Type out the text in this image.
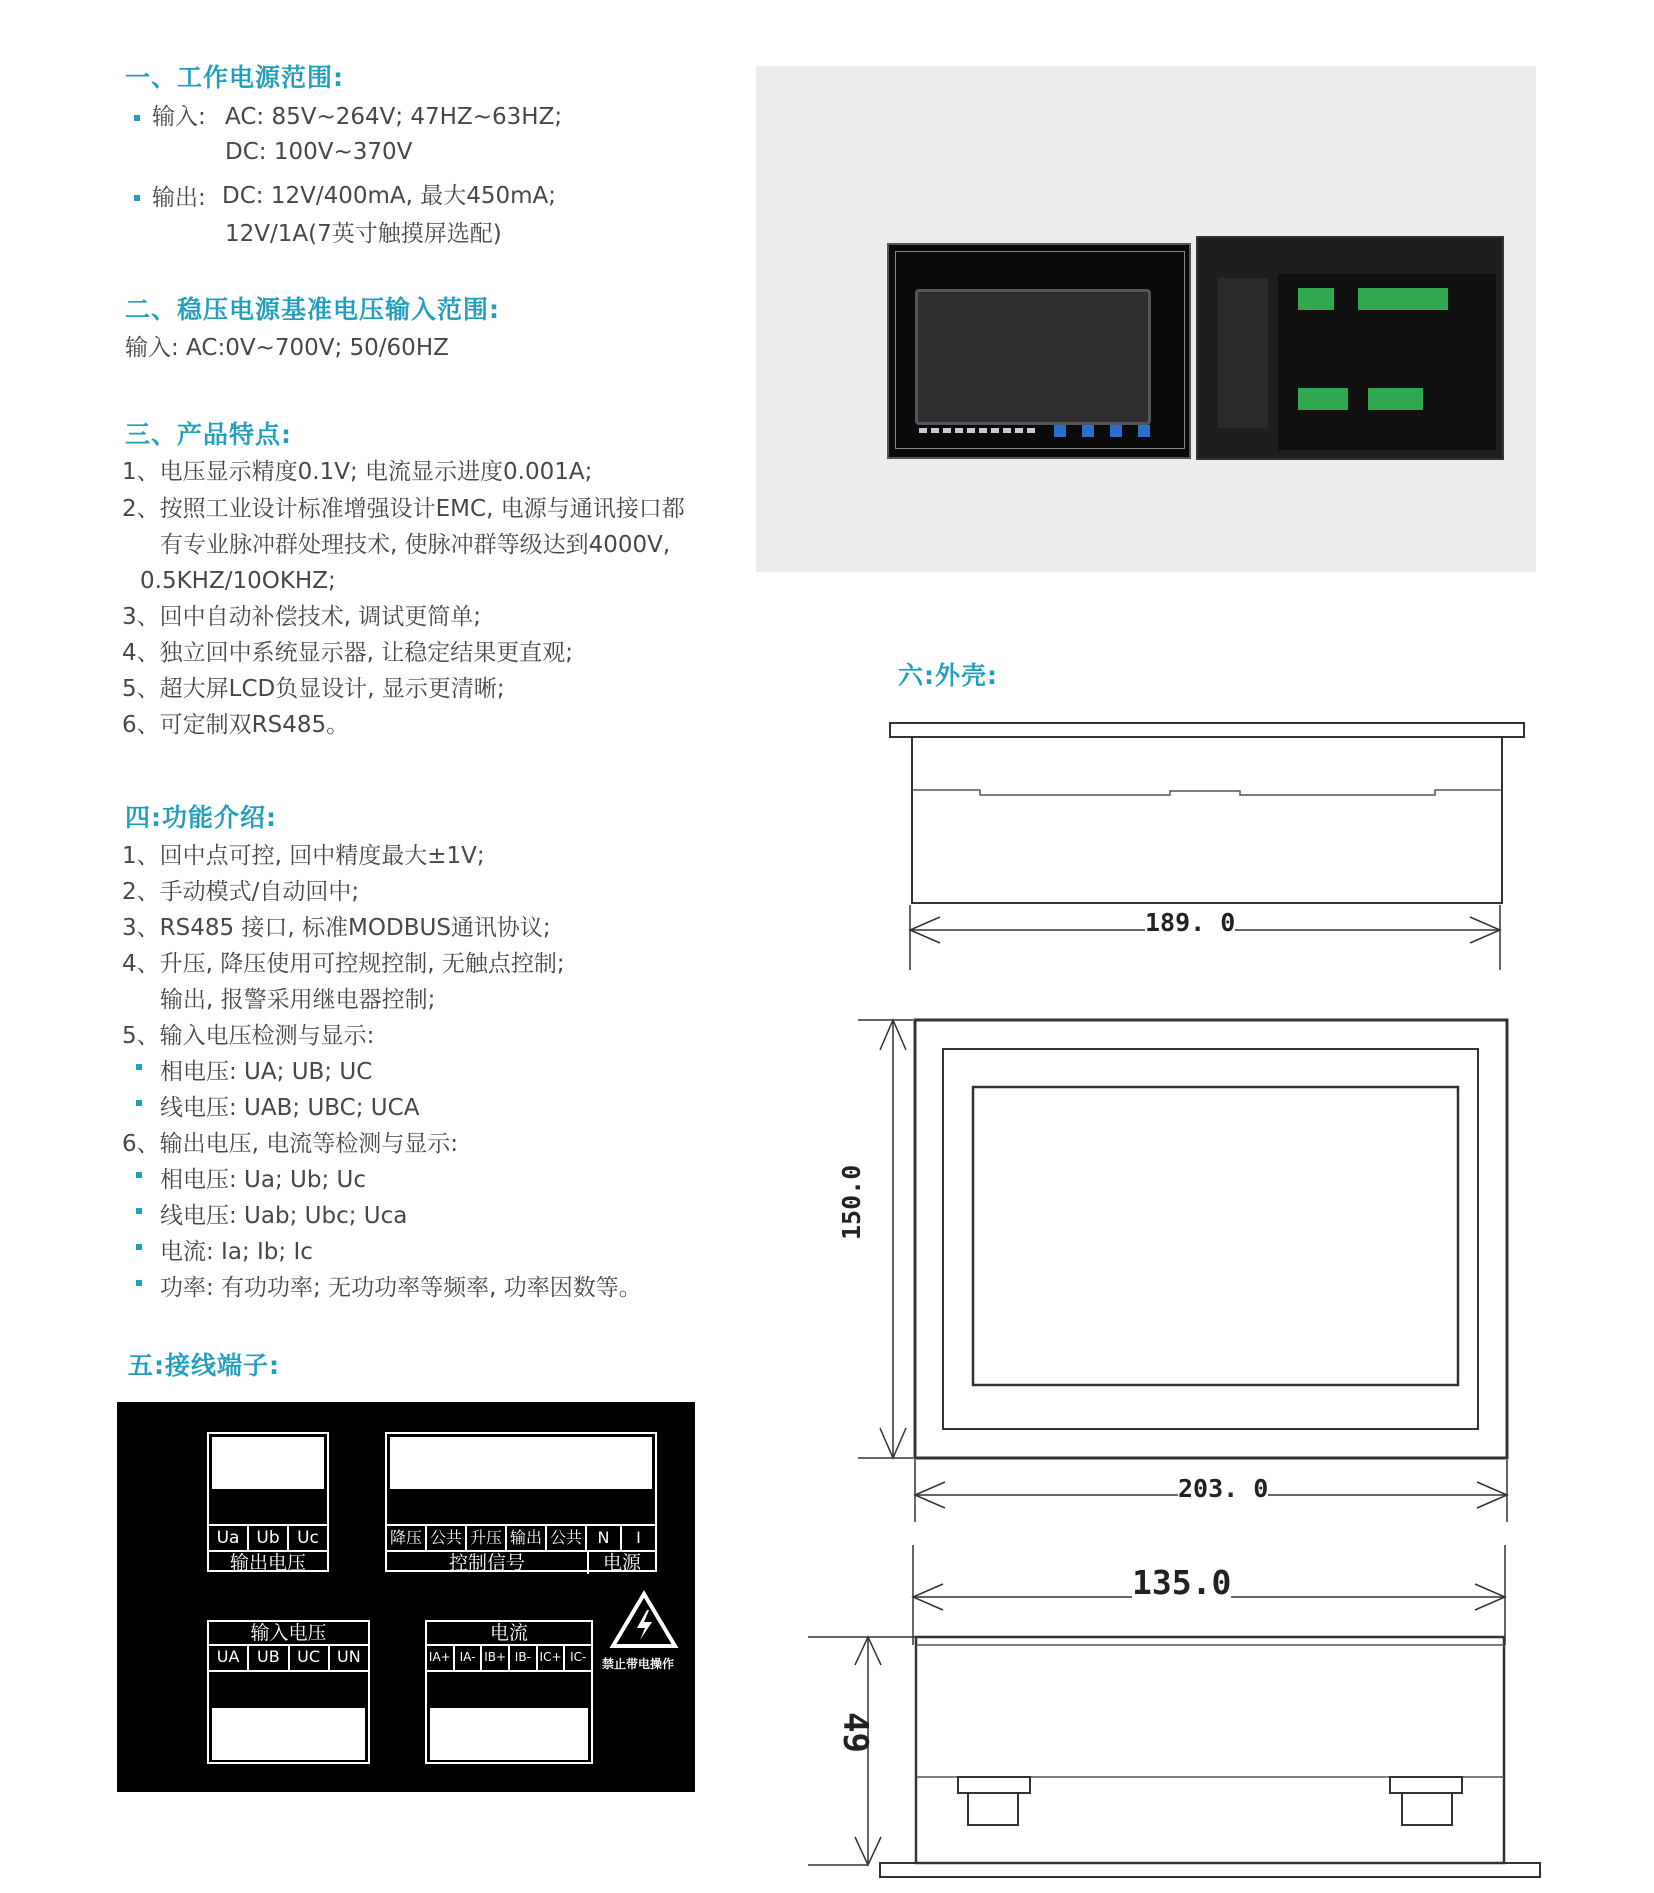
一、工作电源范围:
输入: AC: 85V~264V; 47HZ~63HZ;
DC: 100V~370V
输出: DC: 12V/400mA, 最大450mA;
12V/1A(7英寸触摸屏选配)
二、稳压电源基准电压输入范围:
输入: AC:0V~700V; 50/60HZ
三、产品特点:
1、电压显示精度0.1V; 电流显示进度0.001A;
2、按照工业设计标准增强设计EMC, 电源与通讯接口都
有专业脉冲群处理技术, 使脉冲群等级达到4000V,
0.5KHZ/10OKHZ;
3、回中自动补偿技术, 调试更简单;
4、独立回中系统显示器, 让稳定结果更直观;
5、超大屏LCD负显设计, 显示更清晰;
6、可定制双RS485。
四:功能介绍:
1、回中点可控, 回中精度最大±1V;
2、手动模式/自动回中;
3、RS485 接口, 标准MODBUS通讯协议;
4、升压, 降压使用可控规控制, 无触点控制;
输出, 报警采用继电器控制;
5、输入电压检测与显示:
相电压: UA; UB; UC
线电压: UAB; UBC; UCA
6、输出电压, 电流等检测与显示:
相电压: Ua; Ub; Uc
线电压: Uab; Ubc; Uca
电流: Ia; Ib; Ic
功率: 有功功率; 无功功率等频率, 功率因数等。
五:接线端子:
Ua Ub	Uc
输出电压
降压 公共 升压 输出 公共 N	I
控制信号	电源
输入电压
UA	UB	UC	UN
电流
IA+ IA- IB+ IB- IC+ IC-	禁止带电操作
六:外壳:
189. 0
150.0
203. 0
135.0
49
